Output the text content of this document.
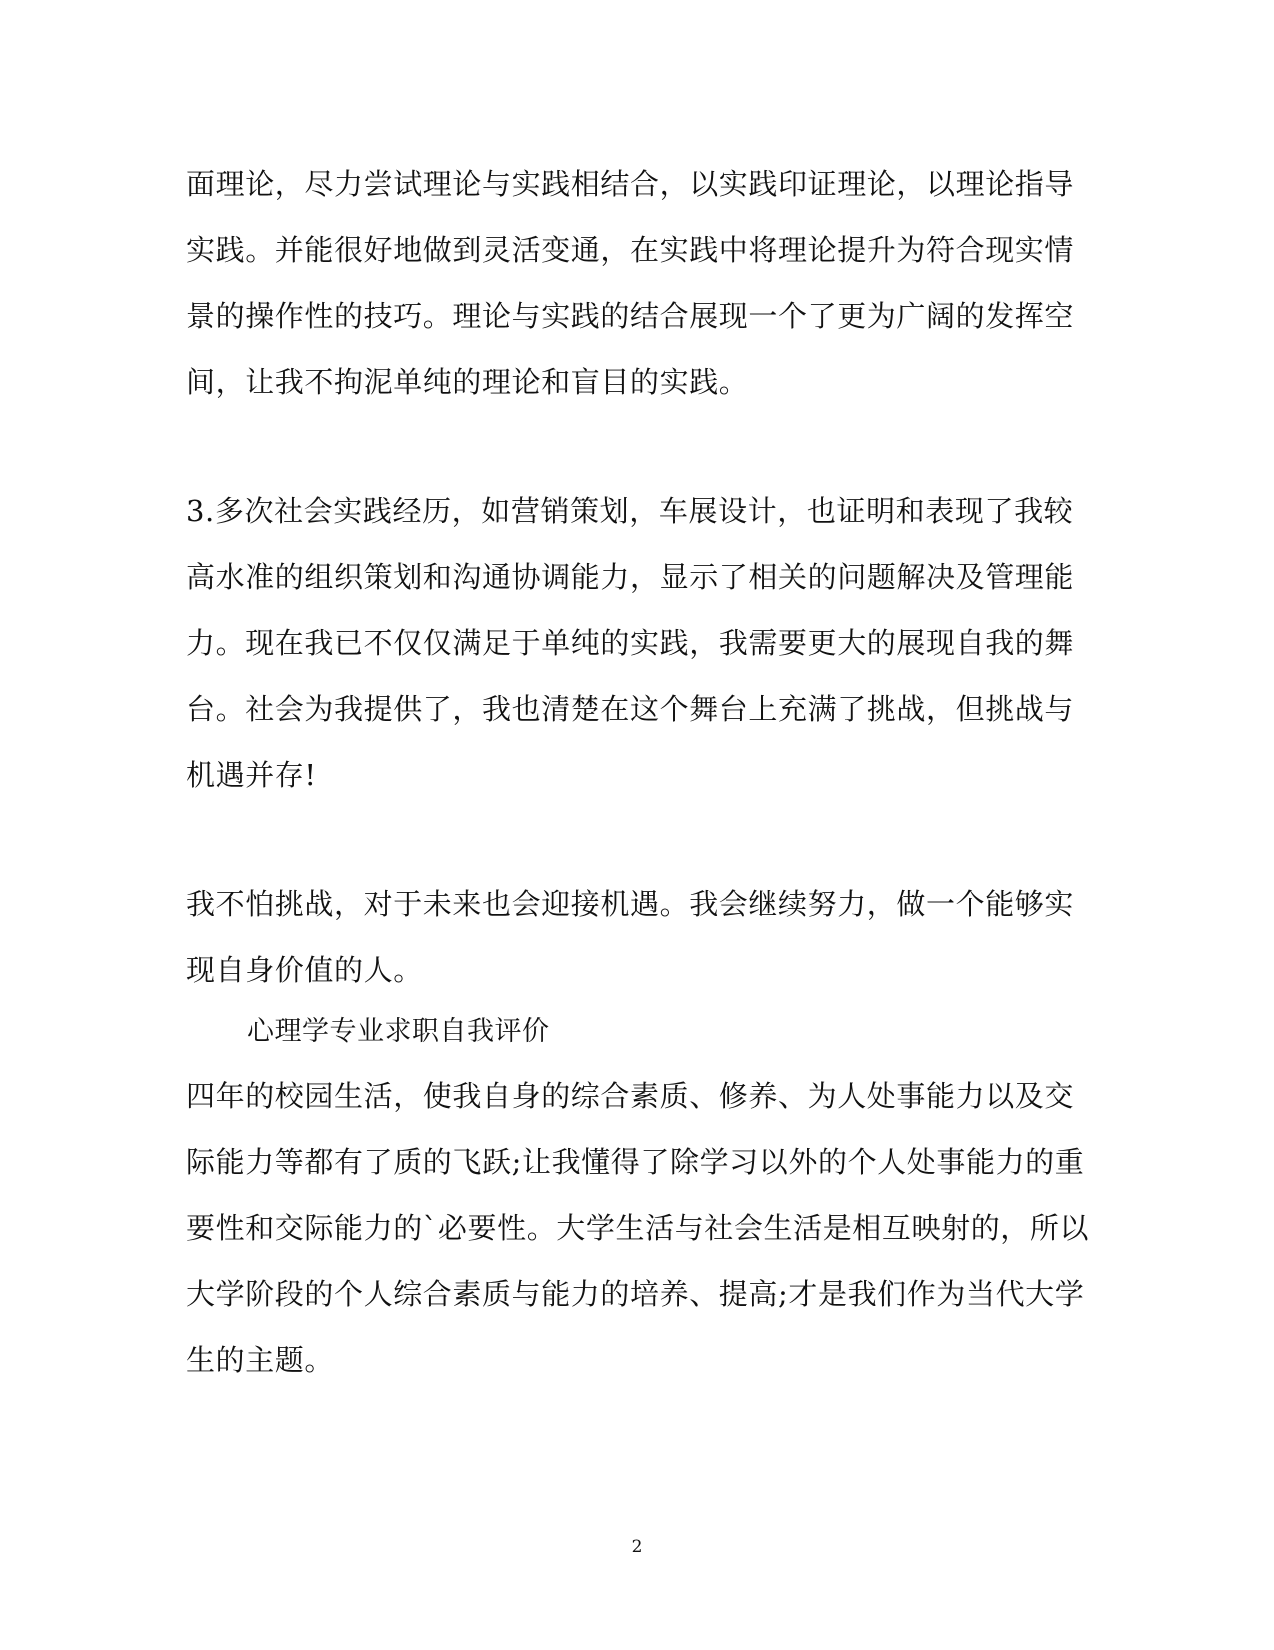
面理论，尽力尝试理论与实践相结合，以实践印证理论，以理论指导
实践。并能很好地做到灵活变通，在实践中将理论提升为符合现实情
景的操作性的技巧。理论与实践的结合展现一个了更为广阔的发挥空
间，让我不拘泥单纯的理论和盲目的实践。
3.多次社会实践经历，如营销策划，车展设计，也证明和表现了我较
高水准的组织策划和沟通协调能力，显示了相关的问题解决及管理能
力。现在我已不仅仅满足于单纯的实践，我需要更大的展现自我的舞
台。社会为我提供了，我也清楚在这个舞台上充满了挑战，但挑战与
机遇并存!
我不怕挑战，对于未来也会迎接机遇。我会继续努力，做一个能够实
现自身价值的人。
心理学专业求职自我评价
四年的校园生活，使我自身的综合素质、修养、为人处事能力以及交
际能力等都有了质的飞跃;让我懂得了除学习以外的个人处事能力的重
要性和交际能力的`必要性。大学生活与社会生活是相互映射的，所以
大学阶段的个人综合素质与能力的培养、提高;才是我们作为当代大学
生的主题。
2
